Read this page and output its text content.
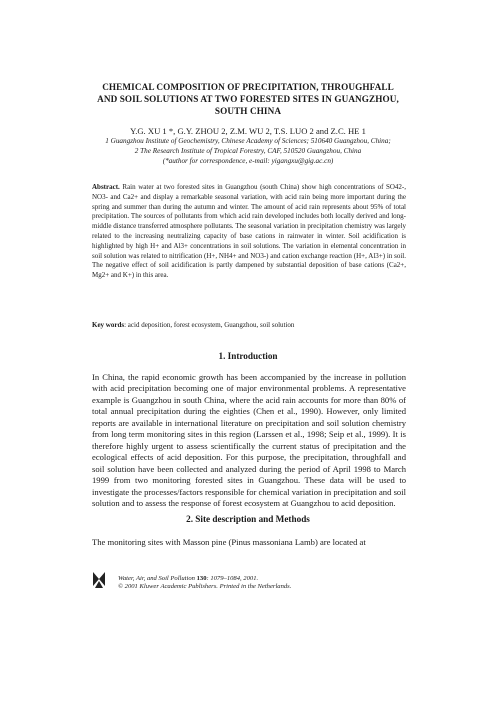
CHEMICAL COMPOSITION OF PRECIPITATION, THROUGHFALL
AND SOIL SOLUTIONS AT TWO FORESTED SITES IN GUANGZHOU,
SOUTH CHINA
Y.G. XU 1 *, G.Y. ZHOU 2, Z.M. WU 2, T.S. LUO 2 and Z.C. HE 1
1 Guangzhou Institute of Geochemistry, Chinese Academy of Sciences; 510640 Guangzhou, China;
2 The Research Institute of Tropical Forestry, CAF, 510520 Guangzhou, China
(*author for correspondence, e-mail: yigangxu@gig.ac.cn)
Abstract. Rain water at two forested sites in Guangzhou (south China) show high concentrations of SO42-, NO3- and Ca2+ and display a remarkable seasonal variation, with acid rain being more important during the spring and summer than during the autumn and winter. The amount of acid rain represents about 95% of total precipitation. The sources of pollutants from which acid rain developed includes both locally derived and long-middle distance transferred atmosphere pollutants. The seasonal variation in precipitation chemistry was largely related to the increasing neutralizing capacity of base cations in rainwater in winter. Soil acidification is highlighted by high H+ and Al3+ concentrations in soil solutions. The variation in elemental concentration in soil solution was related to nitrification (H+, NH4+ and NO3-) and cation exchange reaction (H+, Al3+) in soil. The negative effect of soil acidification is partly dampened by substantial deposition of base cations (Ca2+, Mg2+ and K+) in this area.
Key words: acid deposition, forest ecosystem, Guangzhou, soil solution
1. Introduction
In China, the rapid economic growth has been accompanied by the increase in pollution with acid precipitation becoming one of major environmental problems. A representative example is Guangzhou in south China, where the acid rain accounts for more than 80% of total annual precipitation during the eighties (Chen et al., 1990). However, only limited reports are available in international literature on precipitation and soil solution chemistry from long term monitoring sites in this region (Larssen et al., 1998; Seip et al., 1999). It is therefore highly urgent to assess scientifically the current status of precipitation and the ecological effects of acid deposition. For this purpose, the precipitation, throughfall and soil solution have been collected and analyzed during the period of April 1998 to March 1999 from two monitoring forested sites in Guangzhou. These data will be used to investigate the processes/factors responsible for chemical variation in precipitation and soil solution and to assess the response of forest ecosystem at Guangzhou to acid deposition.
2. Site description and Methods
The monitoring sites with Masson pine (Pinus massoniana Lamb) are located at
Water, Air, and Soil Pollution 130: 1079–1084, 2001.
© 2001 Kluwer Academic Publishers. Printed in the Netherlands.
